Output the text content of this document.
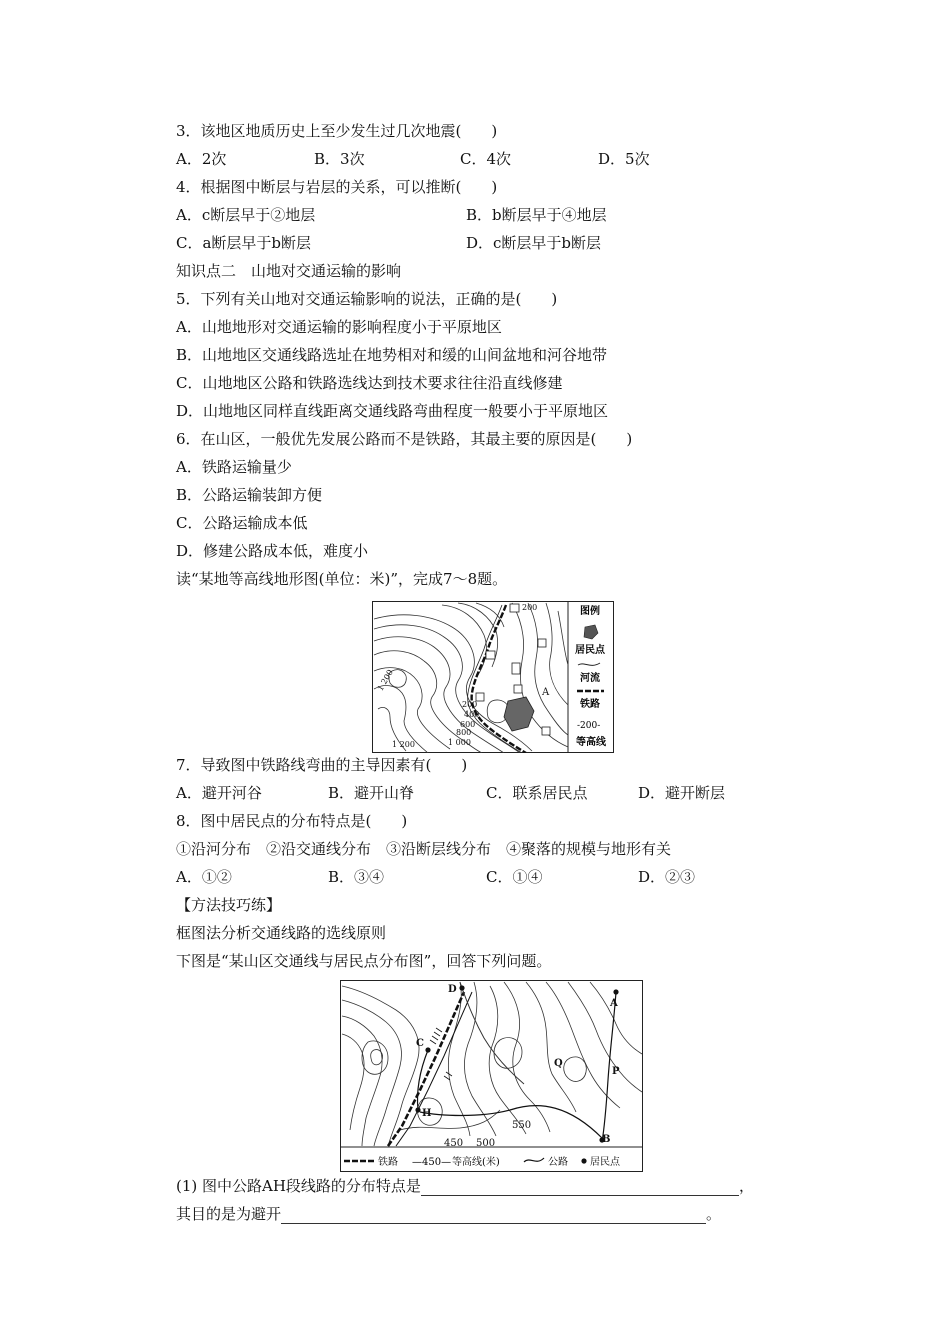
3．该地区地质历史上至少发生过几次地震(　　)
A．2次	B．3次	C．4次	D．5次
4．根据图中断层与岩层的关系，可以推断(　　)
A．c断层早于②地层	B．b断层早于④地层
C．a断层早于b断层	D．c断层早于b断层
知识点二　山地对交通运输的影响
5．下列有关山地对交通运输影响的说法，正确的是(　　)
A．山地地形对交通运输的影响程度小于平原地区
B．山地地区交通线路选址在地势相对和缓的山间盆地和河谷地带
C．山地地区公路和铁路选线达到技术要求往往沿直线修建
D．山地地区同样直线距离交通线路弯曲程度一般要小于平原地区
6．在山区，一般优先发展公路而不是铁路，其最主要的原因是(　　)
A．铁路运输量少
B．公路运输装卸方便
C．公路运输成本低
D．修建公路成本低，难度小
读“某地等高线地形图(单位：米)”，完成7～8题。
200
1 200
200
400
600
800
1 000
1 200
A
图例
居民点
河流
铁路
-200-
等高线
7．导致图中铁路线弯曲的主导因素有(　　)
A．避开河谷	B．避开山脊	C．联系居民点	D．避开断层
8．图中居民点的分布特点是(　　)
①沿河分布　②沿交通线分布　③沿断层线分布　④聚落的规模与地形有关
A．①②	B．③④	C．①④	D．②③
【方法技巧练】
框图法分析交通线路的选线原则
下图是“某山区交通线与居民点分布图”，回答下列问题。
D
A
C
Q
P
H
B
450 500
550
铁路 —450— 等高线(米)	公路 居民点
(1) 图中公路AH段线路的分布特点是	，
其目的是为避开	。
